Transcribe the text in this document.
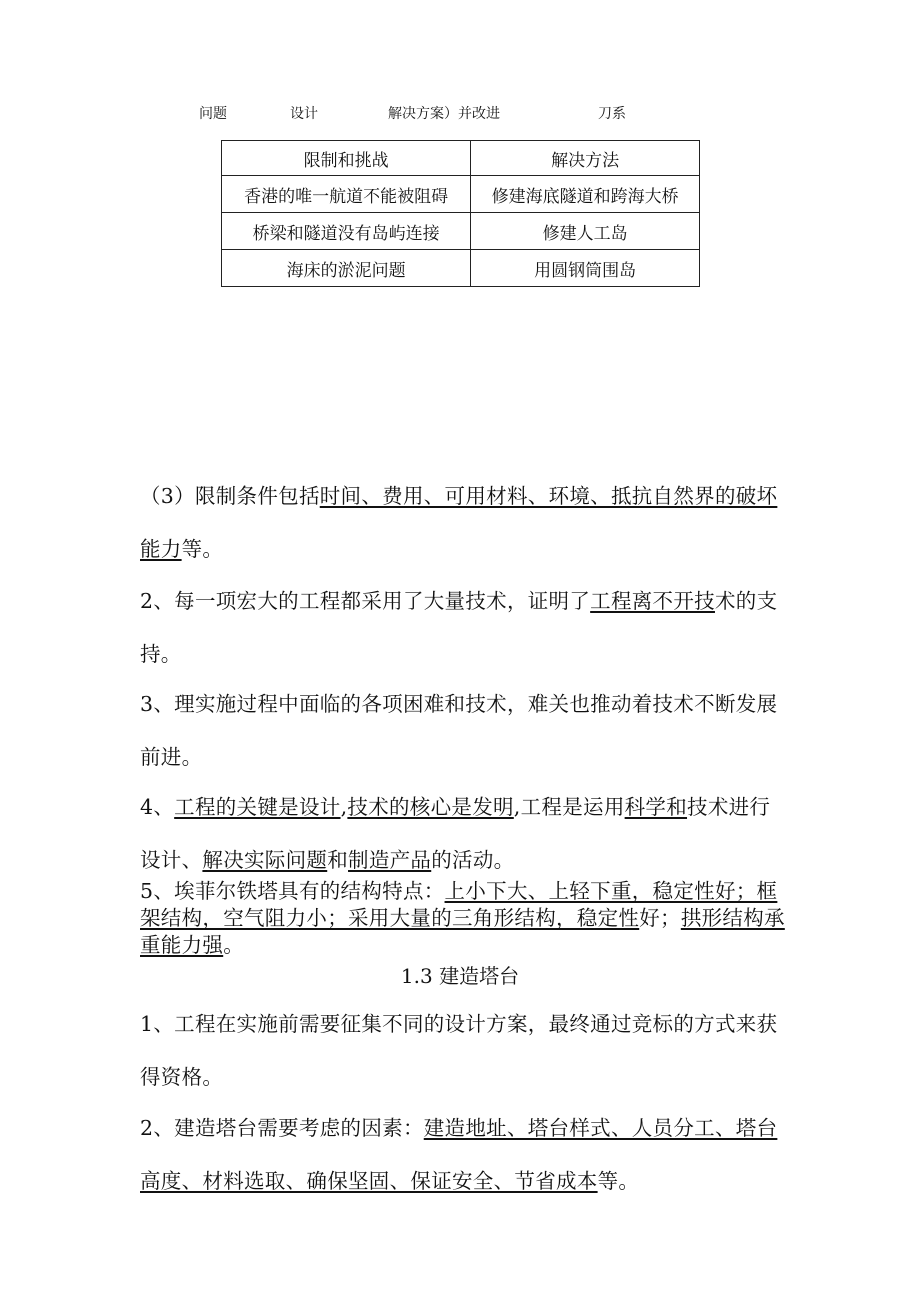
问题	设计	解决方案）并改进	刀系
限制和挑战	解决方法
香港的唯一航道不能被阻碍	修建海底隧道和跨海大桥
桥梁和隧道没有岛屿连接	修建人工岛
海床的淤泥问题	用圆钢筒围岛
（3）限制条件包括时间、费用、可用材料、环境、抵抗自然界的破坏能力等。
2、每一项宏大的工程都采用了大量技术，证明了工程离不开技术的支持。
3、理实施过程中面临的各项困难和技术，难关也推动着技术不断发展前进。
4、工程的关键是设计,技术的核心是发明,工程是运用科学和技术进行设计、解决实际问题和制造产品的活动。
5、埃菲尔铁塔具有的结构特点：上小下大、上轻下重，稳定性好；框架结构，空气阻力小；采用大量的三角形结构，稳定性好；拱形结构承重能力强。
1.3 建造塔台
1、工程在实施前需要征集不同的设计方案，最终通过竞标的方式来获得资格。
2、建造塔台需要考虑的因素：建造地址、塔台样式、人员分工、塔台高度、材料选取、确保坚固、保证安全、节省成本等。
